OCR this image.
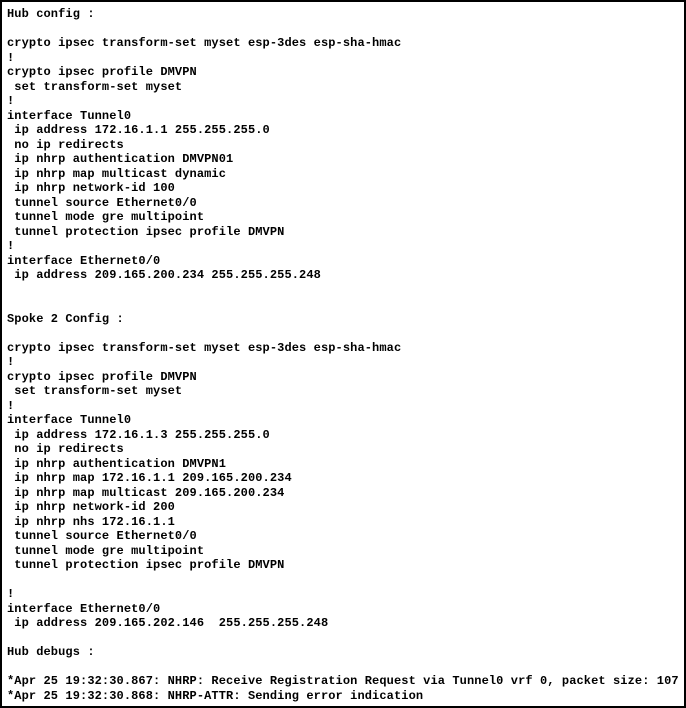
Hub config :

crypto ipsec transform-set myset esp-3des esp-sha-hmac
!
crypto ipsec profile DMVPN
set transform-set myset
!
interface Tunnel0
ip address 172.16.1.1 255.255.255.0
no ip redirects
ip nhrp authentication DMVPN01
ip nhrp map multicast dynamic
ip nhrp network-id 100
tunnel source Ethernet0/0
tunnel mode gre multipoint
tunnel protection ipsec profile DMVPN
!
interface Ethernet0/0
ip address 209.165.200.234 255.255.255.248

Spoke 2 Config :

crypto ipsec transform-set myset esp-3des esp-sha-hmac
!
crypto ipsec profile DMVPN
set transform-set myset
!
interface Tunnel0
ip address 172.16.1.3 255.255.255.0
no ip redirects
ip nhrp authentication DMVPN1
ip nhrp map 172.16.1.1 209.165.200.234
ip nhrp map multicast 209.165.200.234
ip nhrp network-id 200
ip nhrp nhs 172.16.1.1
tunnel source Ethernet0/0
tunnel mode gre multipoint
tunnel protection ipsec profile DMVPN

!
interface Ethernet0/0
ip address 209.165.202.146  255.255.255.248

Hub debugs :

*Apr 25 19:32:30.867: NHRP: Receive Registration Request via Tunnel0 vrf 0, packet size: 107
*Apr 25 19:32:30.868: NHRP-ATTR: Sending error indication
